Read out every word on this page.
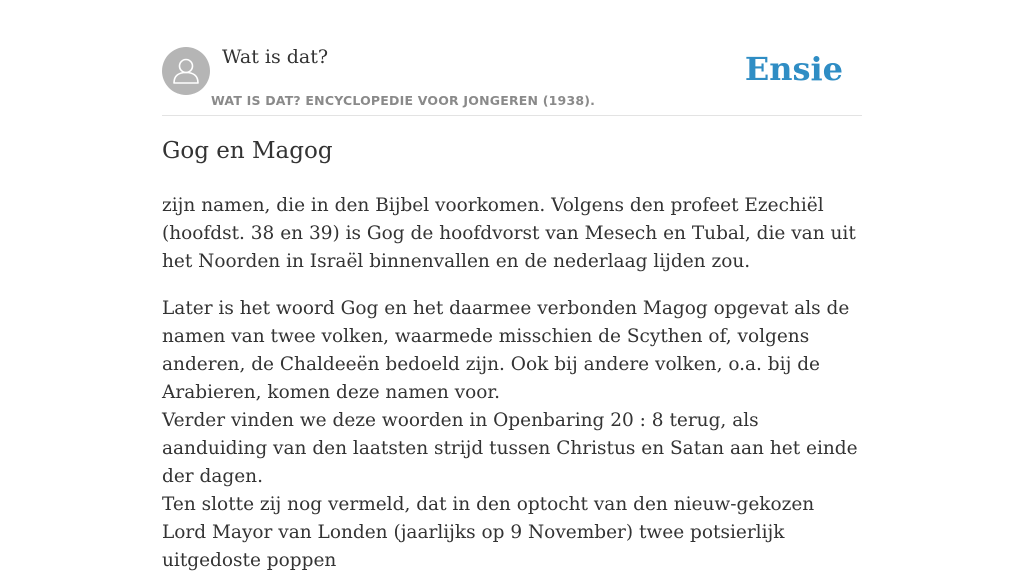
Wat is dat?
WAT IS DAT? ENCYCLOPEDIE VOOR JONGEREN (1938).
Ensie
Gog en Magog

zijn namen, die in den Bijbel voorkomen. Volgens den profeet Ezechiël (hoofdst. 38 en 39) is Gog de hoofdvorst van Mesech en Tubal, die van uit het Noorden in Israël binnenvallen en de nederlaag lijden zou.

Later is het woord Gog en het daarmee verbonden Magog opgevat als de namen van twee volken, waarmede misschien de Scythen of, volgens anderen, de Chaldeeën bedoeld zijn. Ook bij andere volken, o.a. bij de Arabieren, komen deze namen voor.

Verder vinden we deze woorden in Openbaring 20 : 8 terug, als aanduiding van den laatsten strijd tussen Christus en Satan aan het einde der dagen.

Ten slotte zij nog vermeld, dat in den optocht van den nieuw-gekozen Lord Mayor van Londen (jaarlijks op 9 November) twee potsierlijk uitgedoste poppen
